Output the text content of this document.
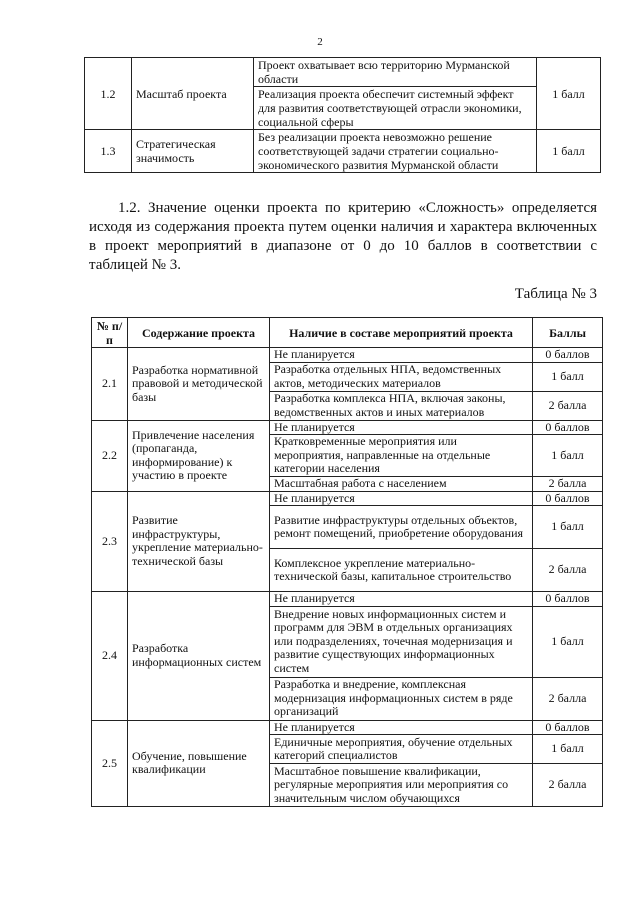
2
1.2	Масштаб проекта	Проект охватывает всю территорию Мурманской области	1 балл
		Реализация проекта обеспечит системный эффект для развития соответствующей отрасли экономики, социальной сферы	
1.3	Стратегическая значимость	Без реализации проекта невозможно решение соответствующей задачи стратегии социально-экономического развития Мурманской области	1 балл
1.2. Значение оценки проекта по критерию «Сложность» определяется исходя из содержания проекта путем оценки наличия и характера включенных в проект мероприятий в диапазоне от 0 до 10 баллов в соответствии с таблицей № 3.
Таблица № 3
№ п/п	Содержание проекта	Наличие в составе мероприятий проекта	Баллы
2.1	Разработка нормативной правовой и методической базы	Не планируется	0 баллов
		Разработка отдельных НПА, ведомственных актов, методических материалов	1 балл
		Разработка комплекса НПА, включая законы, ведомственных актов и иных материалов	2 балла
2.2	Привлечение населения (пропаганда, информирование) к участию в проекте	Не планируется	0 баллов
		Кратковременные мероприятия или мероприятия, направленные на отдельные категории населения	1 балл
		Масштабная работа с населением	2 балла
2.3	Развитие инфраструктуры, укрепление материально-технической базы	Не планируется	0 баллов
		Развитие инфраструктуры отдельных объектов, ремонт помещений, приобретение оборудования	1 балл
		Комплексное укрепление материально-технической базы, капитальное строительство	2 балла
2.4	Разработка информационных систем	Не планируется	0 баллов
		Внедрение новых информационных систем и программ для ЭВМ в отдельных организациях или подразделениях, точечная модернизация и развитие существующих информационных систем	1 балл
		Разработка и внедрение, комплексная модернизация информационных систем в ряде организаций	2 балла
2.5	Обучение, повышение квалификации	Не планируется	0 баллов
		Единичные мероприятия, обучение отдельных категорий специалистов	1 балл
		Масштабное повышение квалификации, регулярные мероприятия или мероприятия со значительным числом обучающихся	2 балла
